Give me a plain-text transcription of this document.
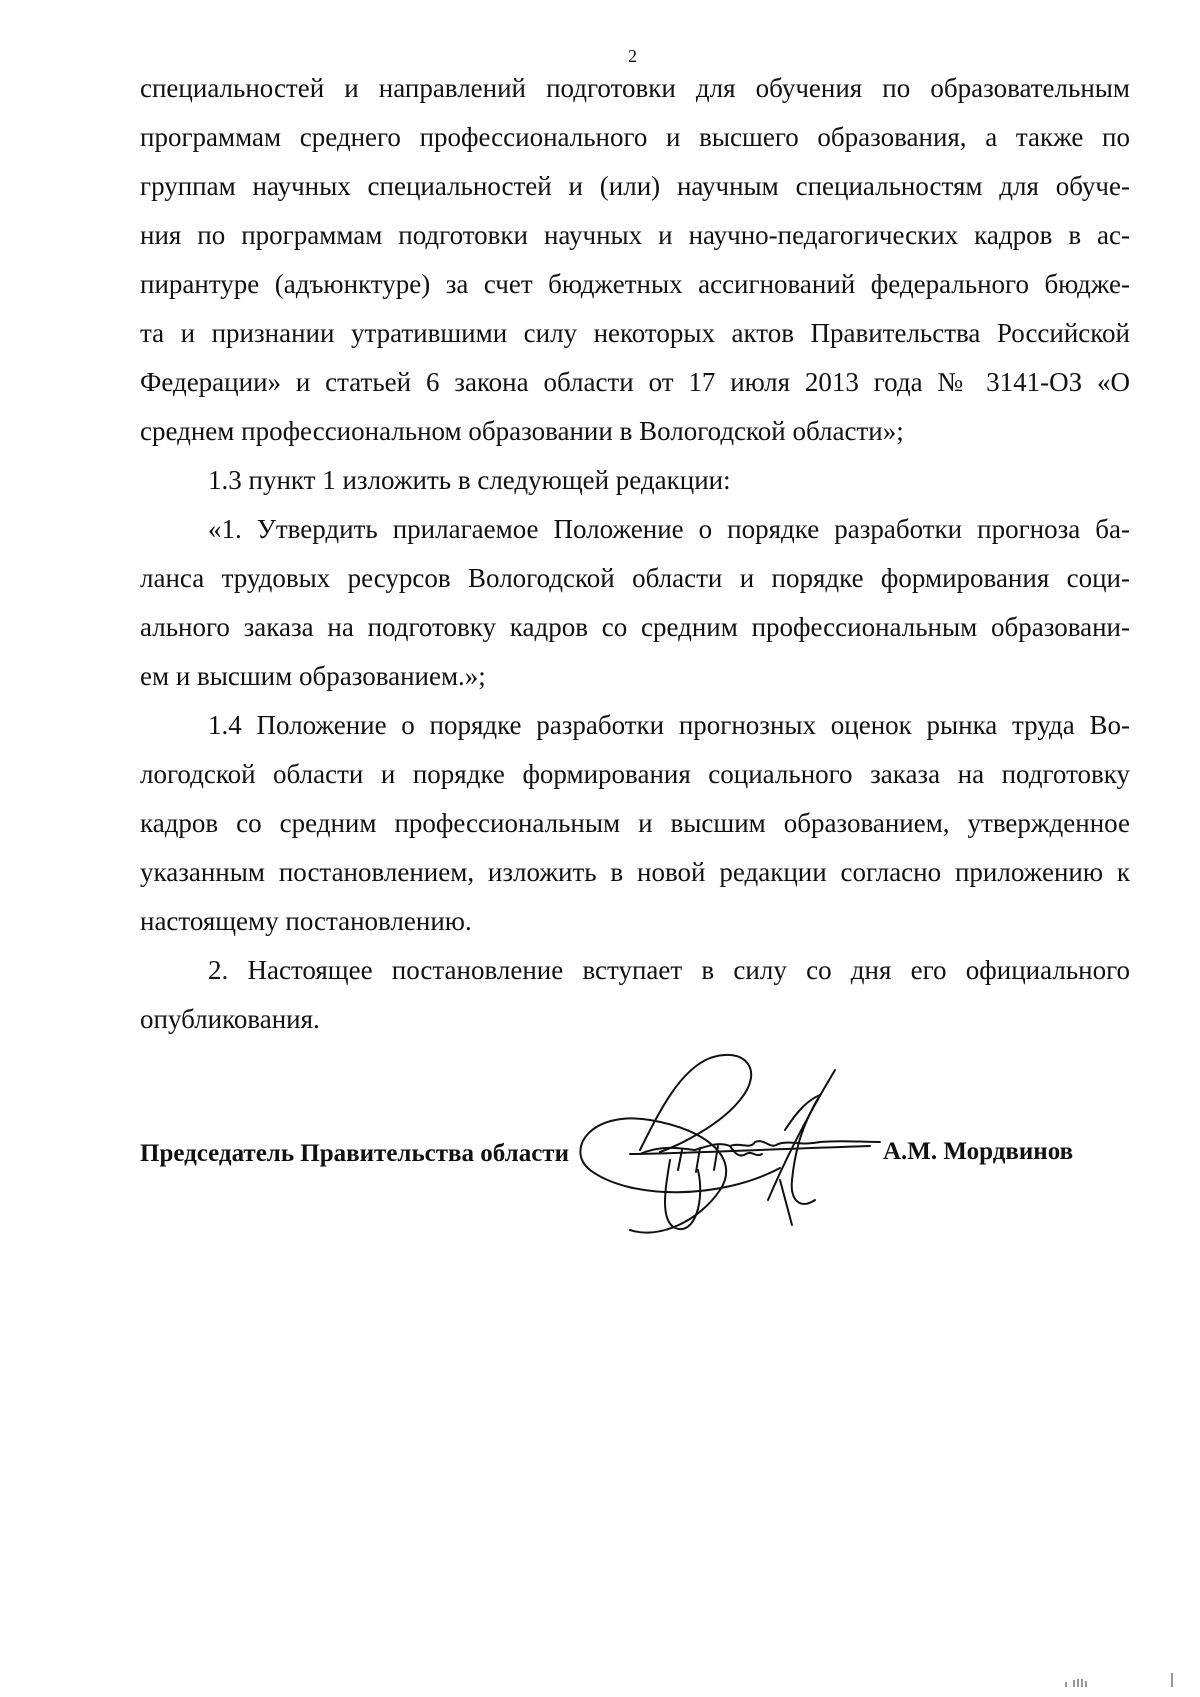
2
специальностей и направлений подготовки для обучения по образовательным
программам среднего профессионального и высшего образования, а также по
группам научных специальностей и (или) научным специальностям для обуче-
ния по программам подготовки научных и научно-педагогических кадров в ас-
пирантуре (адъюнктуре) за счет бюджетных ассигнований федерального бюдже-
та и признании утратившими силу некоторых актов Правительства Российской
Федерации» и статьей 6 закона области от 17 июля 2013 года № 3141-ОЗ «О
среднем профессиональном образовании в Вологодской области»;
1.3 пункт 1 изложить в следующей редакции:
«1. Утвердить прилагаемое Положение о порядке разработки прогноза ба-
ланса трудовых ресурсов Вологодской области и порядке формирования соци-
ального заказа на подготовку кадров со средним профессиональным образовани-
ем и высшим образованием.»;
1.4 Положение о порядке разработки прогнозных оценок рынка труда Во-
логодской области и порядке формирования социального заказа на подготовку
кадров со средним профессиональным и высшим образованием, утвержденное
указанным постановлением, изложить в новой редакции согласно приложению к
настоящему постановлению.
2. Настоящее постановление вступает в силу со дня его официального
опубликования.
Председатель Правительства области	А.М. Мордвинов
